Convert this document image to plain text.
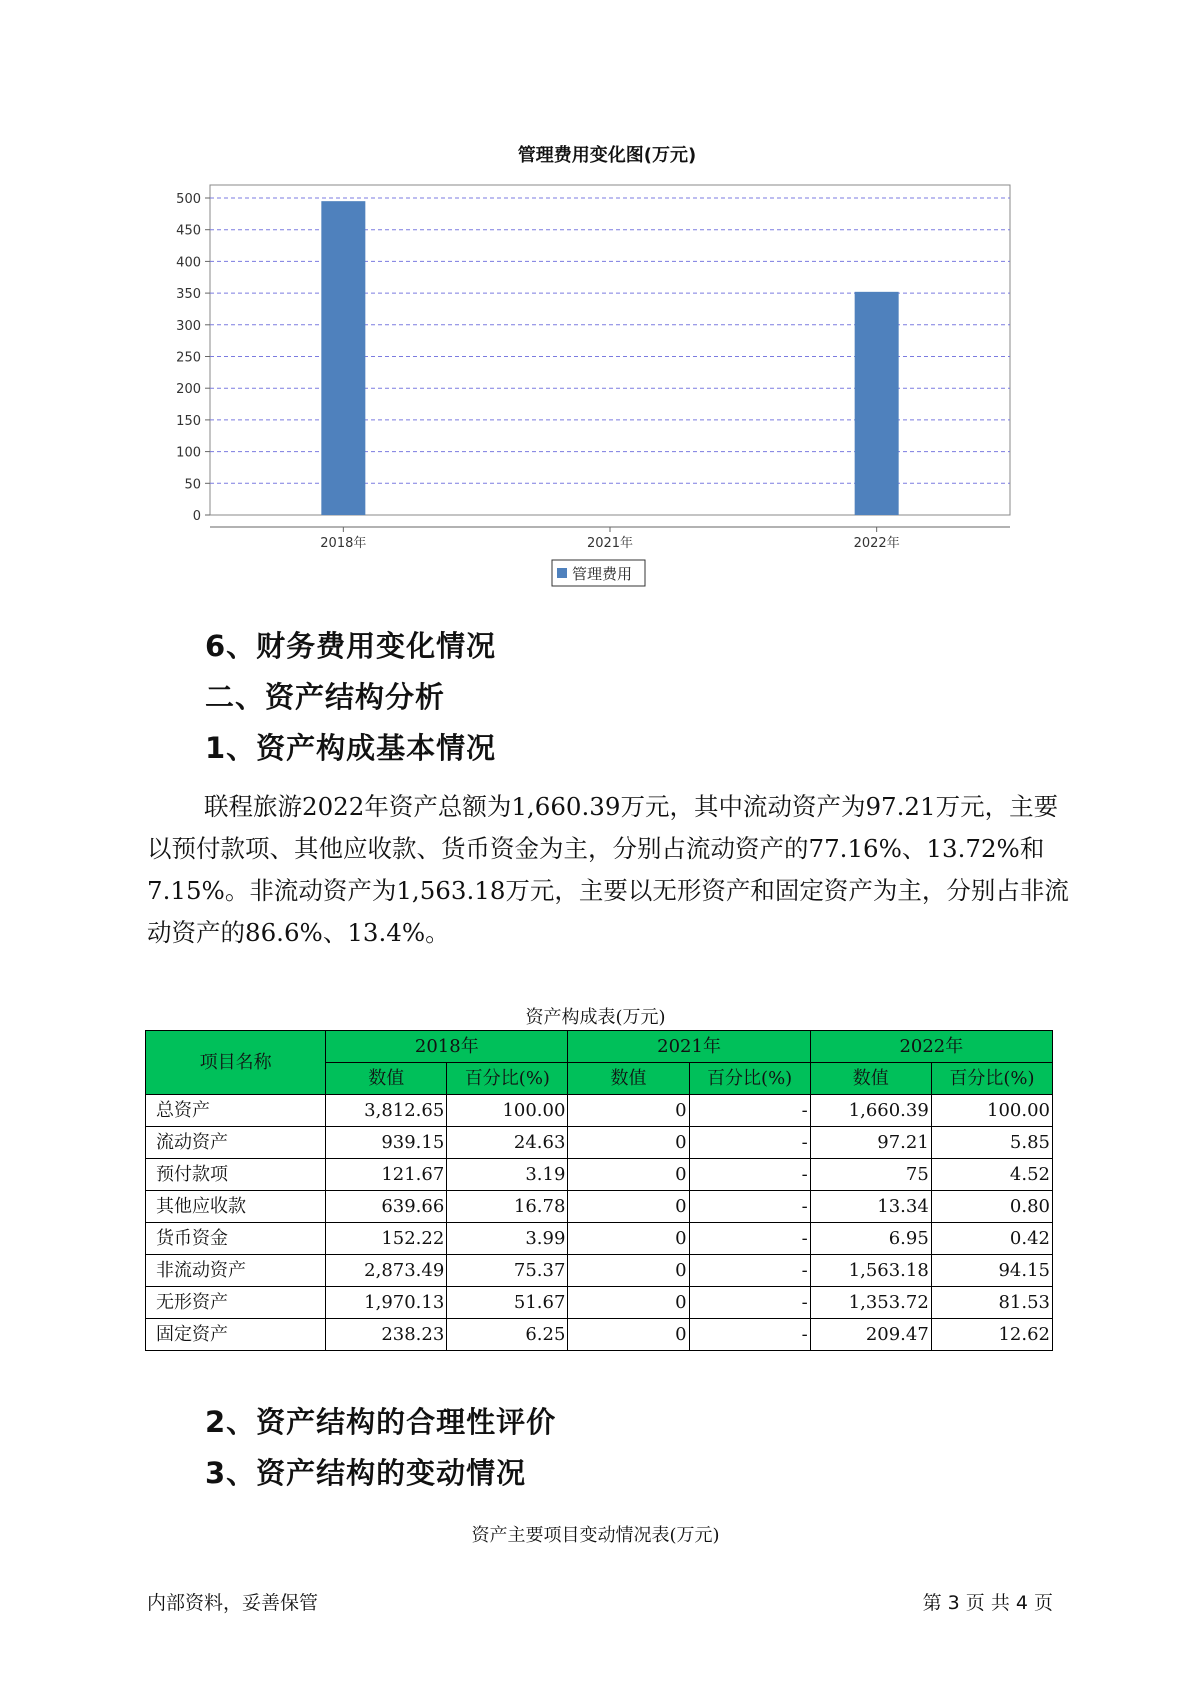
管理费用变化图(万元)
0
50
100
150
200
250
300
350
400
450
500
2018年	2021年	2022年
管理费用
6、财务费用变化情况
二、资产结构分析
1、资产构成基本情况

联程旅游2022年资产总额为1,660.39万元，其中流动资产为97.21万元，主要以预付款项、其他应收款、货币资金为主，分别占流动资产的77.16%、13.72%和7.15%。非流动资产为1,563.18万元，主要以无形资产和固定资产为主，分别占非流动资产的86.6%、13.4%。

资产构成表(万元)
项目名称	2018年		2021年		2022年	
	数值	百分比(%)	数值	百分比(%)	数值	百分比(%)
总资产	3,812.65	100.00	0	-	1,660.39	100.00
流动资产	939.15	24.63	0	-	97.21	5.85
预付款项	121.67	3.19	0	-	75	4.52
其他应收款	639.66	16.78	0	-	13.34	0.80
货币资金	152.22	3.99	0	-	6.95	0.42
非流动资产	2,873.49	75.37	0	-	1,563.18	94.15
无形资产	1,970.13	51.67	0	-	1,353.72	81.53
固定资产	238.23	6.25	0	-	209.47	12.62
2、资产结构的合理性评价
3、资产结构的变动情况
资产主要项目变动情况表(万元)
内部资料，妥善保管	第 3 页 共 4 页
